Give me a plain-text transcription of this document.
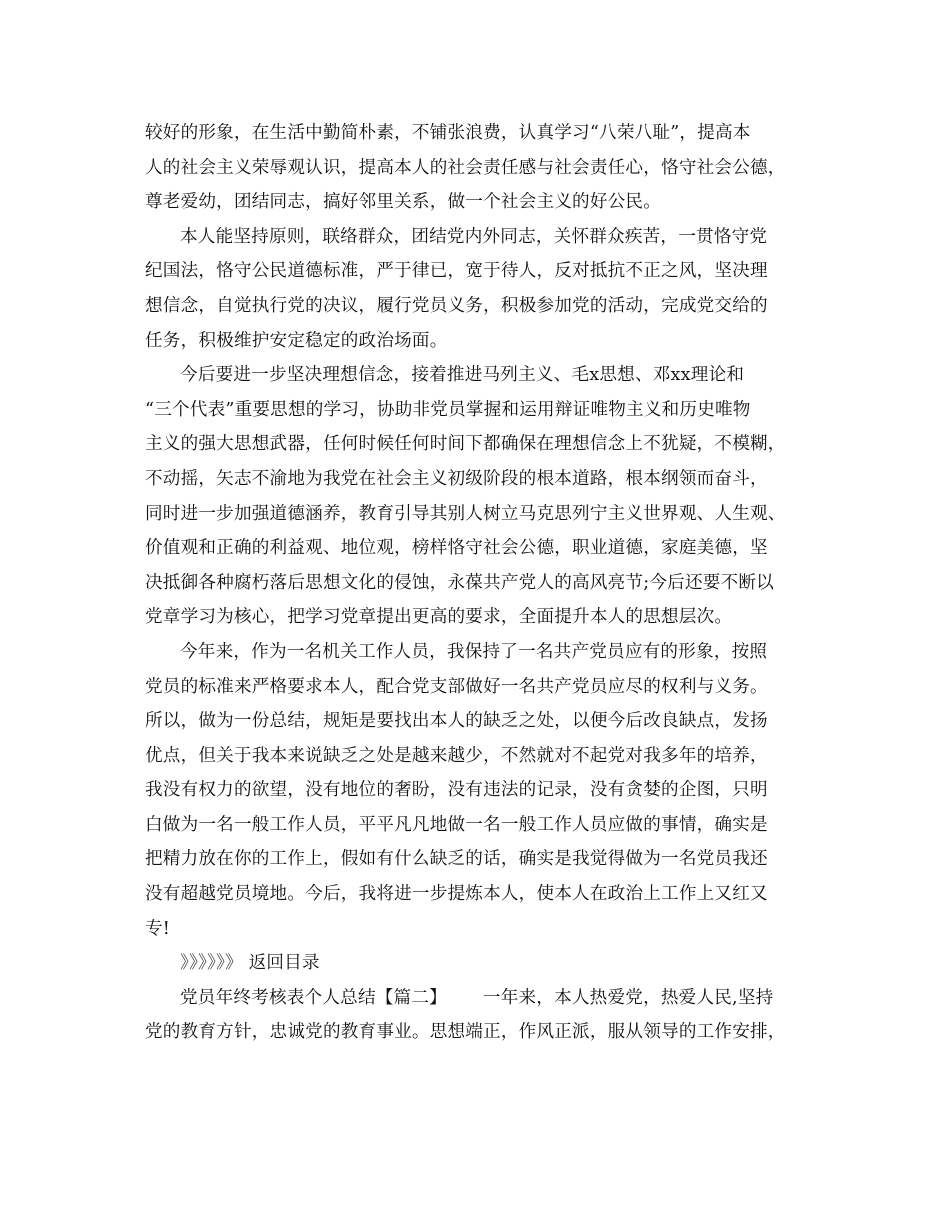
较好的形象，在生活中勤简朴素，不铺张浪费，认真学习“八荣八耻”，提高本
人的社会主义荣辱观认识，提高本人的社会责任感与社会责任心，恪守社会公德，
尊老爱幼，团结同志，搞好邻里关系，做一个社会主义的好公民。
本人能坚持原则，联络群众，团结党内外同志，关怀群众疾苦，一贯恪守党
纪国法，恪守公民道德标准，严于律已，宽于待人，反对抵抗不正之风，坚决理
想信念，自觉执行党的决议，履行党员义务，积极参加党的活动，完成党交给的
任务，积极维护安定稳定的政治场面。
今后要进一步坚决理想信念，接着推进马列主义、毛x思想、邓xx理论和
“三个代表”重要思想的学习，协助非党员掌握和运用辩证唯物主义和历史唯物
主义的强大思想武器，任何时候任何时间下都确保在理想信念上不犹疑，不模糊，
不动摇，矢志不渝地为我党在社会主义初级阶段的根本道路，根本纲领而奋斗，
同时进一步加强道德涵养，教育引导其别人树立马克思列宁主义世界观、人生观、
价值观和正确的利益观、地位观，榜样恪守社会公德，职业道德，家庭美德，坚
决抵御各种腐朽落后思想文化的侵蚀，永葆共产党人的高风亮节;今后还要不断以
党章学习为核心，把学习党章提出更高的要求，全面提升本人的思想层次。
今年来，作为一名机关工作人员，我保持了一名共产党员应有的形象，按照
党员的标准来严格要求本人，配合党支部做好一名共产党员应尽的权利与义务。
所以，做为一份总结，规矩是要找出本人的缺乏之处，以便今后改良缺点，发扬
优点，但关于我本来说缺乏之处是越来越少，不然就对不起党对我多年的培养，
我没有权力的欲望，没有地位的奢盼，没有违法的记录，没有贪婪的企图，只明
白做为一名一般工作人员，平平凡凡地做一名一般工作人员应做的事情，确实是
把精力放在你的工作上，假如有什么缺乏的话，确实是我觉得做为一名党员我还
没有超越党员境地。今后，我将进一步提炼本人，使本人在政治上工作上又红又
专!
》》》》》》 返回目录
党员年终考核表个人总结【篇二】 一年来，本人热爱党，热爱人民,坚持
党的教育方针，忠诚党的教育事业。思想端正，作风正派，服从领导的工作安排，
